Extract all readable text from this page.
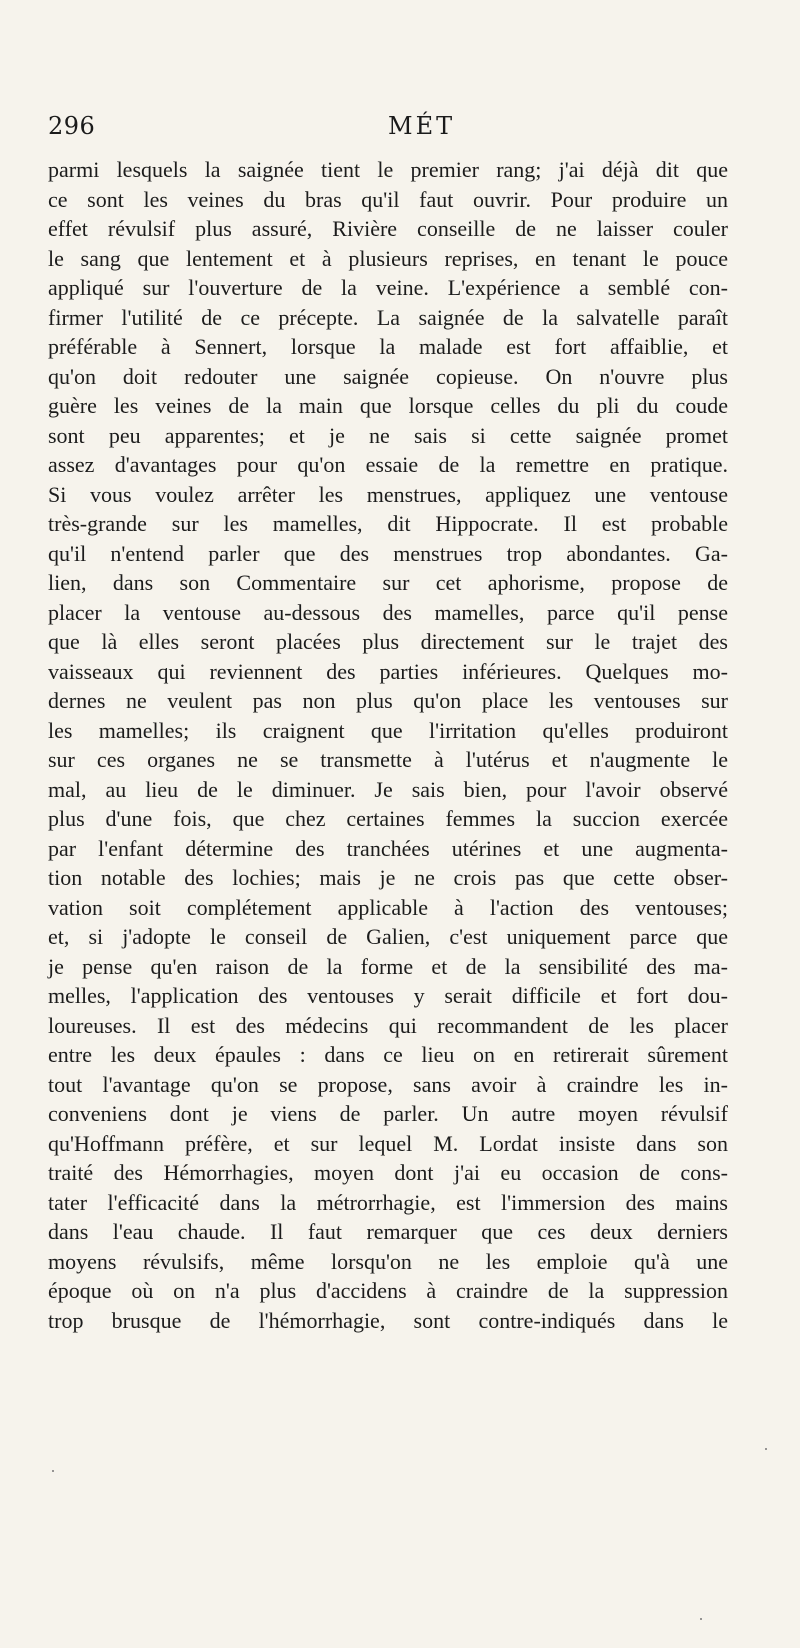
296	MÉT
parmi lesquels la saignée tient le premier rang; j'ai déjà dit que
ce sont les veines du bras qu'il faut ouvrir. Pour produire un
effet révulsif plus assuré, Rivière conseille de ne laisser couler
le sang que lentement et à plusieurs reprises, en tenant le pouce
appliqué sur l'ouverture de la veine. L'expérience a semblé con-
firmer l'utilité de ce précepte. La saignée de la salvatelle paraît
préférable à Sennert, lorsque la malade est fort affaiblie, et
qu'on doit redouter une saignée copieuse. On n'ouvre plus
guère les veines de la main que lorsque celles du pli du coude
sont peu apparentes; et je ne sais si cette saignée promet
assez d'avantages pour qu'on essaie de la remettre en pratique.
Si vous voulez arrêter les menstrues, appliquez une ventouse
très-grande sur les mamelles, dit Hippocrate. Il est probable
qu'il n'entend parler que des menstrues trop abondantes. Ga-
lien, dans son Commentaire sur cet aphorisme, propose de
placer la ventouse au-dessous des mamelles, parce qu'il pense
que là elles seront placées plus directement sur le trajet des
vaisseaux qui reviennent des parties inférieures. Quelques mo-
dernes ne veulent pas non plus qu'on place les ventouses sur
les mamelles; ils craignent que l'irritation qu'elles produiront
sur ces organes ne se transmette à l'utérus et n'augmente le
mal, au lieu de le diminuer. Je sais bien, pour l'avoir observé
plus d'une fois, que chez certaines femmes la succion exercée
par l'enfant détermine des tranchées utérines et une augmenta-
tion notable des lochies; mais je ne crois pas que cette obser-
vation soit complétement applicable à l'action des ventouses;
et, si j'adopte le conseil de Galien, c'est uniquement parce que
je pense qu'en raison de la forme et de la sensibilité des ma-
melles, l'application des ventouses y serait difficile et fort dou-
loureuses. Il est des médecins qui recommandent de les placer
entre les deux épaules : dans ce lieu on en retirerait sûrement
tout l'avantage qu'on se propose, sans avoir à craindre les in-
conveniens dont je viens de parler. Un autre moyen révulsif
qu'Hoffmann préfère, et sur lequel M. Lordat insiste dans son
traité des Hémorrhagies, moyen dont j'ai eu occasion de cons-
tater l'efficacité dans la métrorrhagie, est l'immersion des mains
dans l'eau chaude. Il faut remarquer que ces deux derniers
moyens révulsifs, même lorsqu'on ne les emploie qu'à une
époque où on n'a plus d'accidens à craindre de la suppression
trop brusque de l'hémorrhagie, sont contre-indiqués dans le
